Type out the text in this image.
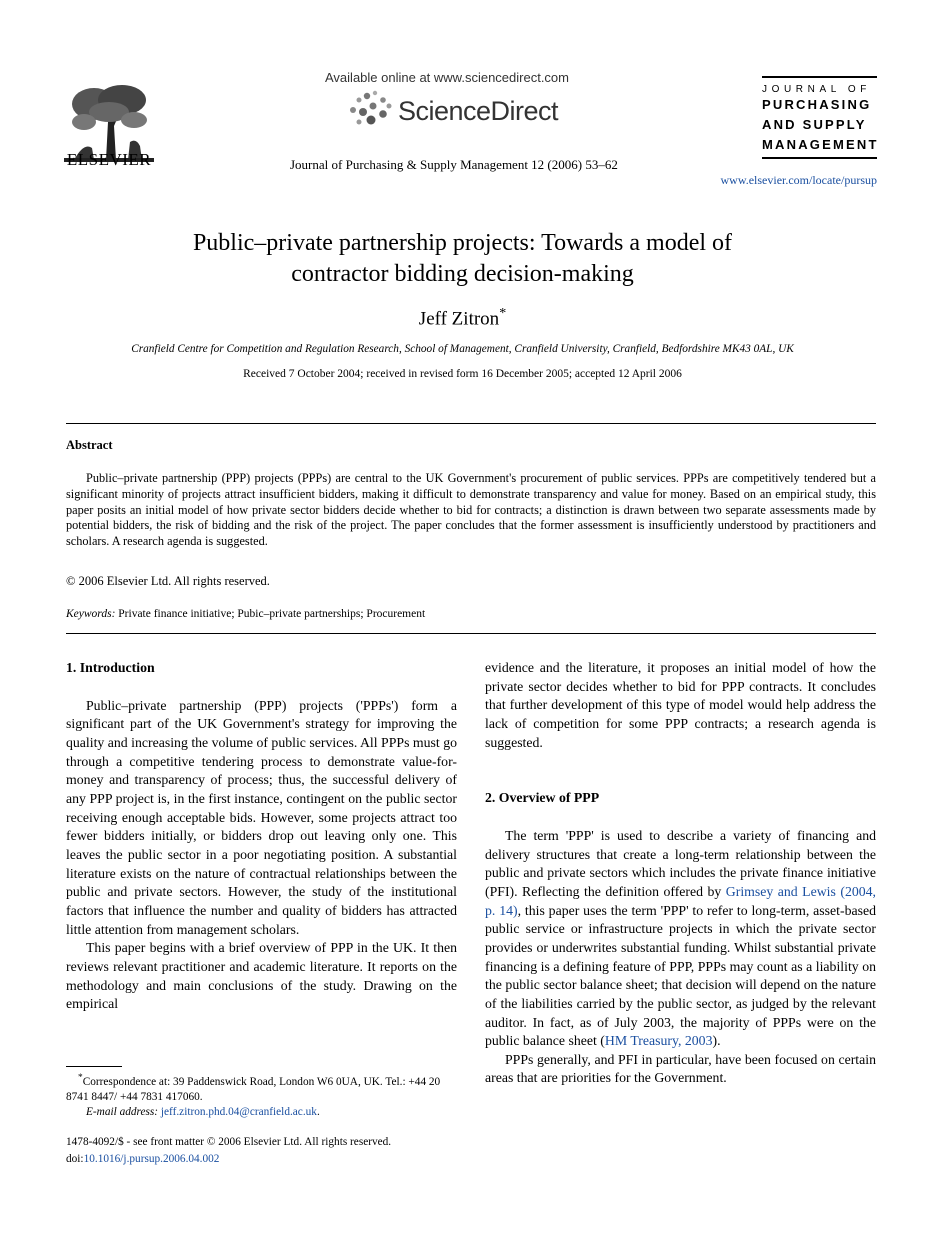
ELSEVIER
Available online at www.sciencedirect.com
ScienceDirect
Journal of Purchasing & Supply Management 12 (2006) 53–62
JOURNAL OF
PURCHASING
AND SUPPLY
MANAGEMENT
www.elsevier.com/locate/pursup
Public–private partnership projects: Towards a model of
contractor bidding decision-making
Jeff Zitron*
Cranfield Centre for Competition and Regulation Research, School of Management, Cranfield University, Cranfield, Bedfordshire MK43 0AL, UK
Received 7 October 2004; received in revised form 16 December 2005; accepted 12 April 2006
Abstract
Public–private partnership (PPP) projects (PPPs) are central to the UK Government's procurement of public services. PPPs are competitively tendered but a significant minority of projects attract insufficient bidders, making it difficult to demonstrate transparency and value for money. Based on an empirical study, this paper posits an initial model of how private sector bidders decide whether to bid for contracts; a distinction is drawn between two separate assessments made by potential bidders, the risk of bidding and the risk of the project. The paper concludes that the former assessment is insufficiently understood by practitioners and scholars. A research agenda is suggested.
© 2006 Elsevier Ltd. All rights reserved.
Keywords: Private finance initiative; Pubic–private partnerships; Procurement
1. Introduction

Public–private partnership (PPP) projects ('PPPs') form a significant part of the UK Government's strategy for improving the quality and increasing the volume of public services. All PPPs must go through a competitive tendering process to demonstrate value-for-money and transparency of process; thus, the successful delivery of any PPP project is, in the first instance, contingent on the public sector receiving enough acceptable bids. However, some projects attract too fewer bidders initially, or bidders drop out leaving only one. This leaves the public sector in a poor negotiating position. A substantial literature exists on the nature of contractual relationships between the public and private sectors. However, the study of the institutional factors that influence the number and quality of bidders has attracted little attention from management scholars.

This paper begins with a brief overview of PPP in the UK. It then reviews relevant practitioner and academic literature. It reports on the methodology and main conclusions of the study. Drawing on the empirical

*Correspondence at: 39 Paddenswick Road, London W6 0UA, UK. Tel.: +44 20 8741 8447/ +44 7831 417060.
E-mail address: jeff.zitron.phd.04@cranfield.ac.uk.
1478-4092/$ - see front matter © 2006 Elsevier Ltd. All rights reserved.
doi:10.1016/j.pursup.2006.04.002

evidence and the literature, it proposes an initial model of how the private sector decides whether to bid for PPP contracts. It concludes that further development of this type of model would help address the lack of competition for some PPP contracts; a research agenda is suggested.

2. Overview of PPP

The term 'PPP' is used to describe a variety of financing and delivery structures that create a long-term relationship between the public and private sectors which includes the private finance initiative (PFI). Reflecting the definition offered by Grimsey and Lewis (2004, p. 14), this paper uses the term 'PPP' to refer to long-term, asset-based public service or infrastructure projects in which the private sector provides or underwrites substantial funding. Whilst substantial private financing is a defining feature of PPP, PPPs may count as a liability on the public sector balance sheet; that decision will depend on the nature of the liabilities carried by the public sector, as judged by the relevant auditor. In fact, as of July 2003, the majority of PPPs were on the public balance sheet (HM Treasury, 2003).

PPPs generally, and PFI in particular, have been focused on certain areas that are priorities for the Government.
